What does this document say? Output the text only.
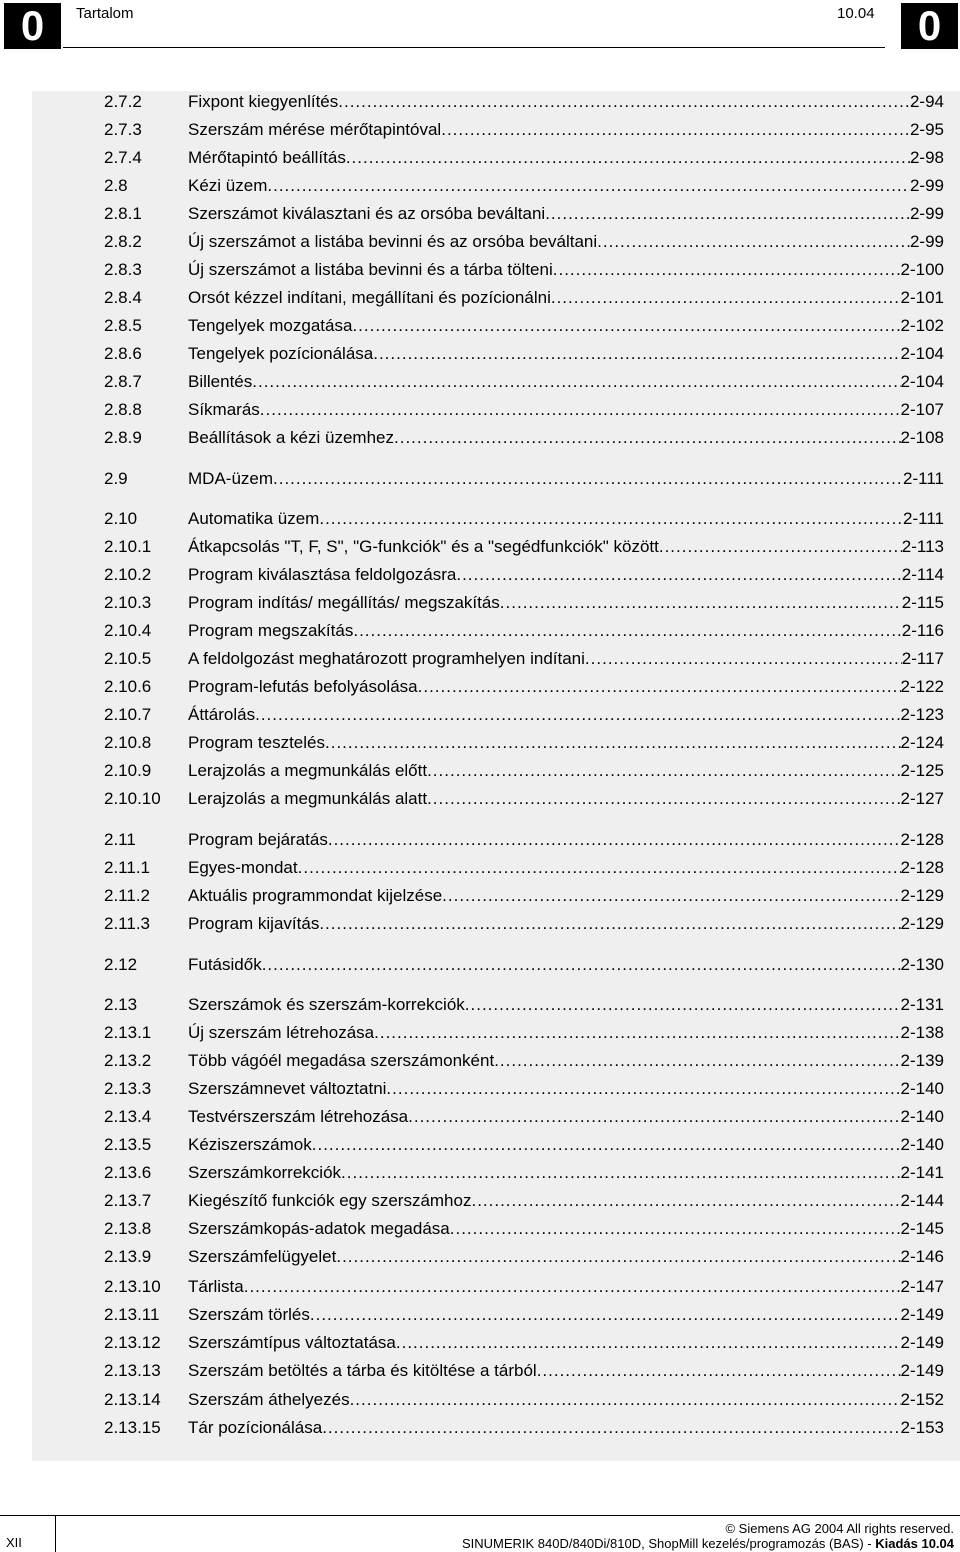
0	Tartalom	10.04	0
2.7.2	Fixpont kiegyenlítés .....	2-94
2.7.3	Szerszám mérése mérőtapintóval .....	2-95
2.7.4	Mérőtapintó beállítás .....	2-98
2.8	Kézi üzem .....	2-99
2.8.1	Szerszámot kiválasztani és az orsóba beváltani .....	2-99
2.8.2	Új szerszámot a listába bevinni és az orsóba beváltani .....	2-99
2.8.3	Új szerszámot a listába bevinni és a tárba tölteni .....	2-100
2.8.4	Orsót kézzel indítani, megállítani és pozícionálni .....	2-101
2.8.5	Tengelyek mozgatása .....	2-102
2.8.6	Tengelyek pozícionálása .....	2-104
2.8.7	Billentés .....	2-104
2.8.8	Síkmarás .....	2-107
2.8.9	Beállítások a kézi üzemhez .....	2-108
2.9	MDA-üzem .....	2-111
2.10	Automatika üzem .....	2-111
2.10.1	Átkapcsolás "T, F, S", "G-funkciók" és a "segédfunkciók" között .....	2-113
2.10.2	Program kiválasztása feldolgozásra .....	2-114
2.10.3	Program indítás/ megállítás/ megszakítás .....	2-115
2.10.4	Program megszakítás .....	2-116
2.10.5	A feldolgozást meghatározott programhelyen indítani .....	2-117
2.10.6	Program-lefutás befolyásolása .....	2-122
2.10.7	Áttárolás .....	2-123
2.10.8	Program tesztelés .....	2-124
2.10.9	Lerajzolás a megmunkálás előtt .....	2-125
2.10.10	Lerajzolás a megmunkálás alatt .....	2-127
2.11	Program bejáratás .....	2-128
2.11.1	Egyes-mondat .....	2-128
2.11.2	Aktuális programmondat kijelzése .....	2-129
2.11.3	Program kijavítás .....	2-129
2.12	Futásidők .....	2-130
2.13	Szerszámok és szerszám-korrekciók .....	2-131
2.13.1	Új szerszám létrehozása .....	2-138
2.13.2	Több vágóél megadása szerszámonként .....	2-139
2.13.3	Szerszámnevet változtatni .....	2-140
2.13.4	Testvérszerszám létrehozása .....	2-140
2.13.5	Kéziszerszámok .....	2-140
2.13.6	Szerszámkorrekciók .....	2-141
2.13.7	Kiegészítő funkciók egy szerszámhoz .....	2-144
2.13.8	Szerszámkopás-adatok megadása .....	2-145
2.13.9	Szerszámfelügyelet .....	2-146
2.13.10	Tárlista .....	2-147
2.13.11	Szerszám törlés .....	2-149
2.13.12	Szerszámtípus változtatása .....	2-149
2.13.13	Szerszám betöltés a tárba és kitöltése a tárból .....	2-149
2.13.14	Szerszám áthelyezés .....	2-152
2.13.15	Tár pozícionálása .....	2-153
XII
© Siemens AG 2004 All rights reserved.
SINUMERIK 840D/840Di/810D, ShopMill kezelés/programozás (BAS) - Kiadás 10.04
